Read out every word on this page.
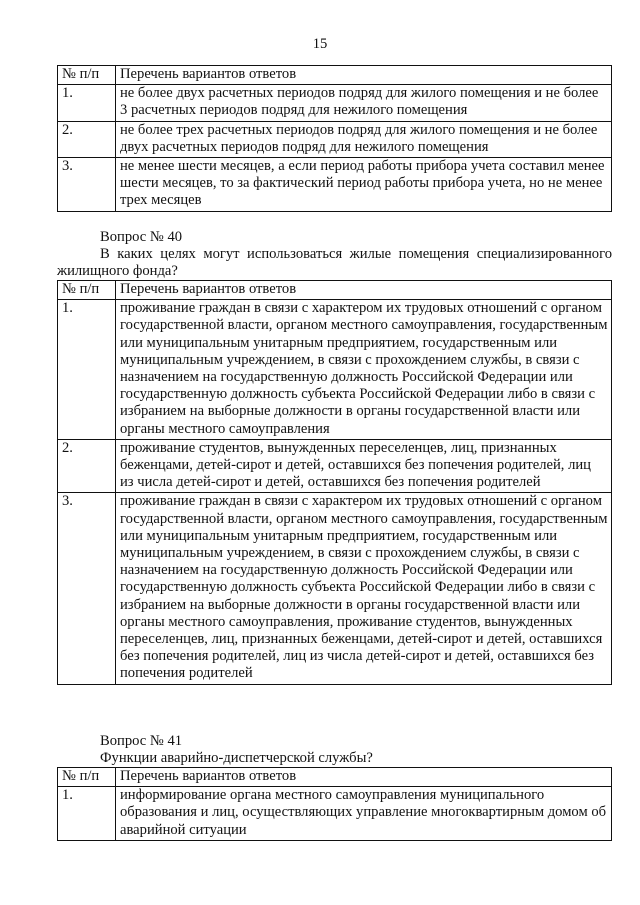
15
№ п/п	Перечень вариантов ответов
1.	не более двух расчетных периодов подряд для жилого помещения и не более 3 расчетных периодов подряд для нежилого помещения
2.	не более трех расчетных периодов подряд для жилого помещения и не более двух расчетных периодов подряд для нежилого помещения
3.	не менее шести месяцев, а если период работы прибора учета составил менее шести месяцев, то за фактический период работы прибора учета, но не менее трех месяцев
Вопрос № 40
В каких целях могут использоваться жилые помещения специализированного жилищного фонда?
№ п/п	Перечень вариантов ответов
1.	проживание граждан в связи с характером их трудовых отношений с органом государственной власти, органом местного самоуправления, государственным или муниципальным унитарным предприятием, государственным или муниципальным учреждением, в связи с прохождением службы, в связи с назначением на государственную должность Российской Федерации или государственную должность субъекта Российской Федерации либо в связи с избранием на выборные должности в органы государственной власти или органы местного самоуправления
2.	проживание студентов, вынужденных переселенцев, лиц, признанных беженцами, детей-сирот и детей, оставшихся без попечения родителей, лиц из числа детей-сирот и детей, оставшихся без попечения родителей
3.	проживание граждан в связи с характером их трудовых отношений с органом государственной власти, органом местного самоуправления, государственным или муниципальным унитарным предприятием, государственным или муниципальным учреждением, в связи с прохождением службы, в связи с назначением на государственную должность Российской Федерации или государственную должность субъекта Российской Федерации либо в связи с избранием на выборные должности в органы государственной власти или органы местного самоуправления, проживание студентов, вынужденных переселенцев, лиц, признанных беженцами, детей-сирот и детей, оставшихся без попечения родителей, лиц из числа детей-сирот и детей, оставшихся без попечения родителей
Вопрос № 41
Функции аварийно-диспетчерской службы?
№ п/п	Перечень вариантов ответов
1.	информирование органа местного самоуправления муниципального образования и лиц, осуществляющих управление многоквартирным домом об аварийной ситуации
